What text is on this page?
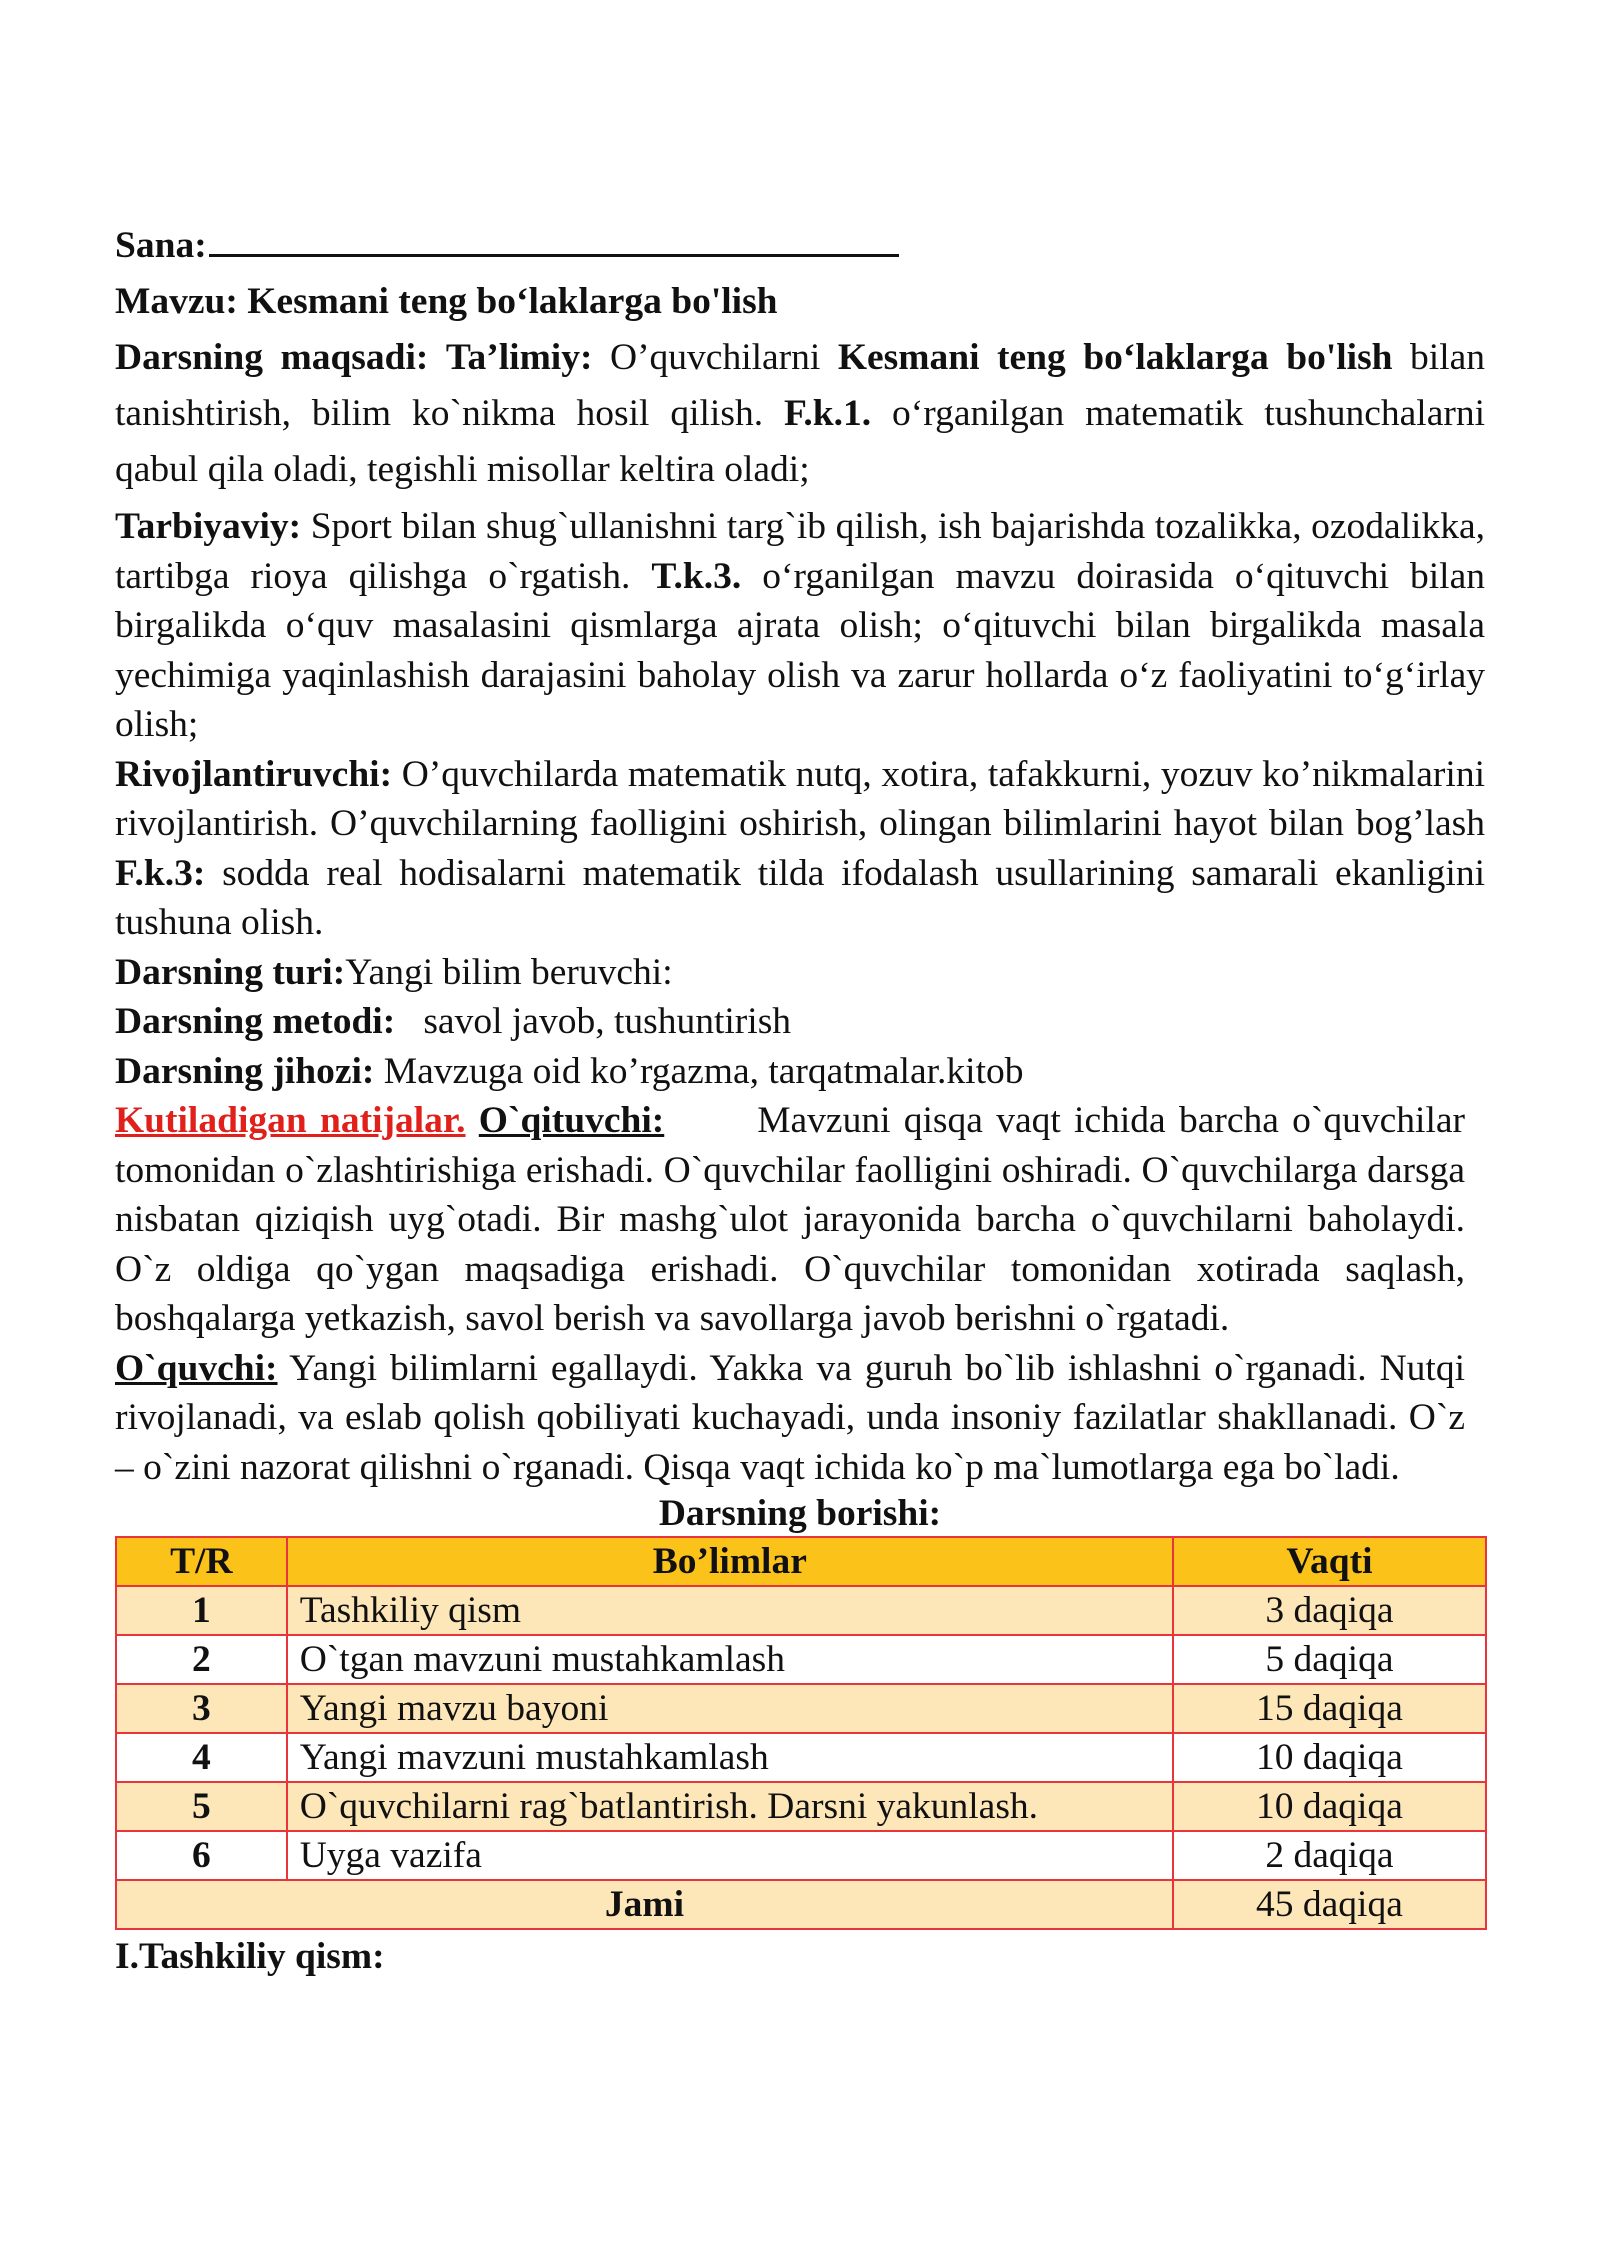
Sana:

Mavzu: Kesmani teng bo‘laklarga bo'lish

Darsning maqsadi: Ta’limiy: O’quvchilarni Kesmani teng bo‘laklarga bo'lish bilan tanishtirish, bilim ko`nikma hosil qilish. F.k.1. o‘rganilgan matematik tushunchalarni qabul qila oladi, tegishli misollar keltira oladi;

Tarbiyaviy: Sport bilan shug`ullanishni targ`ib qilish, ish bajarishda tozalikka, ozodalikka, tartibga rioya qilishga o`rgatish. T.k.3. o‘rganilgan mavzu doirasida o‘qituvchi bilan birgalikda o‘quv masalasini qismlarga ajrata olish; o‘qituvchi bilan birgalikda masala yechimiga yaqinlashish darajasini baholay olish va zarur hollarda o‘z faoliyatini to‘g‘irlay olish;

Rivojlantiruvchi: O’quvchilarda matematik nutq, xotira, tafakkurni, yozuv ko’nikmalarini rivojlantirish. O’quvchilarning faolligini oshirish, olingan bilimlarini hayot bilan bog’lash F.k.3: sodda real hodisalarni matematik tilda ifodalash usullarining samarali ekanligini tushuna olish.

Darsning turi:Yangi bilim beruvchi:

Darsning metodi: savol javob, tushuntirish

Darsning jihozi: Mavzuga oid ko’rgazma, tarqatmalar.kitob

Kutiladigan natijalar. O`qituvchi: Mavzuni qisqa vaqt ichida barcha o`quvchilar tomonidan o`zlashtirishiga erishadi. O`quvchilar faolligini oshiradi. O`quvchilarga darsga nisbatan qiziqish uyg`otadi. Bir mashg`ulot jarayonida barcha o`quvchilarni baholaydi. O`z oldiga qo`ygan maqsadiga erishadi. O`quvchilar tomonidan xotirada saqlash, boshqalarga yetkazish, savol berish va savollarga javob berishni o`rgatadi.

O`quvchi: Yangi bilimlarni egallaydi. Yakka va guruh bo`lib ishlashni o`rganadi. Nutqi rivojlanadi, va eslab qolish qobiliyati kuchayadi, unda insoniy fazilatlar shakllanadi. O`z – o`zini nazorat qilishni o`rganadi. Qisqa vaqt ichida ko`p ma`lumotlarga ega bo`ladi.

Darsning borishi:

T/R	Bo’limlar	Vaqti
1	Tashkiliy qism	3 daqiqa
2	O`tgan mavzuni mustahkamlash	5 daqiqa
3	Yangi mavzu bayoni	15 daqiqa
4	Yangi mavzuni mustahkamlash	10 daqiqa
5	O`quvchilarni rag`batlantirish. Darsni yakunlash.	10 daqiqa
6	Uyga vazifa	2 daqiqa
Jami		45 daqiqa

I.Tashkiliy qism:
